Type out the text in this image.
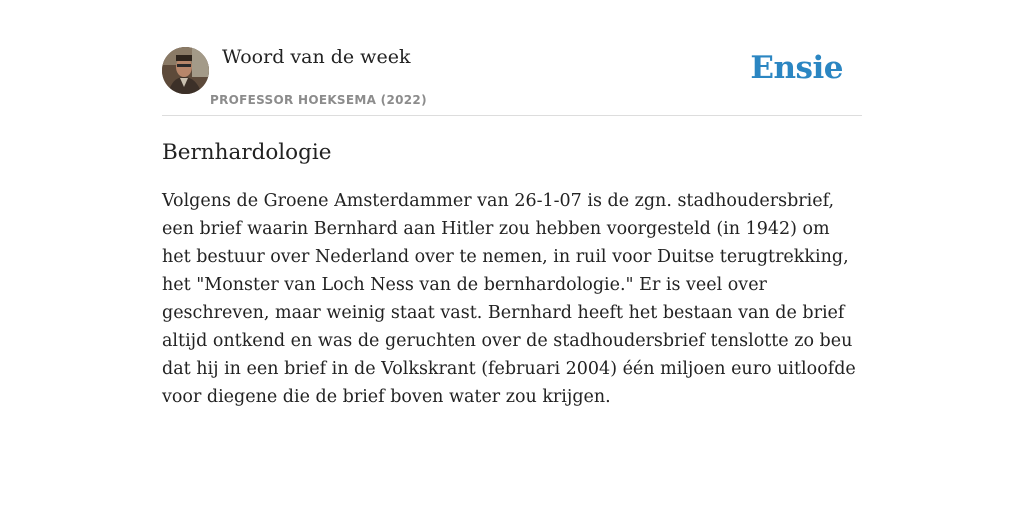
Woord van de week
PROFESSOR HOEKSEMA (2022)
Ensie
Bernhardologie

Volgens de Groene Amsterdammer van 26-1-07 is de zgn. stadhoudersbrief, een brief waarin Bernhard aan Hitler zou hebben voorgesteld (in 1942) om het bestuur over Nederland over te nemen, in ruil voor Duitse terugtrekking, het "Monster van Loch Ness van de bernhardologie." Er is veel over geschreven, maar weinig staat vast. Bernhard heeft het bestaan van de brief altijd ontkend en was de geruchten over de stadhoudersbrief tenslotte zo beu dat hij in een brief in de Volkskrant (februari 2004) één miljoen euro uitloofde voor diegene die de brief boven water zou krijgen.
